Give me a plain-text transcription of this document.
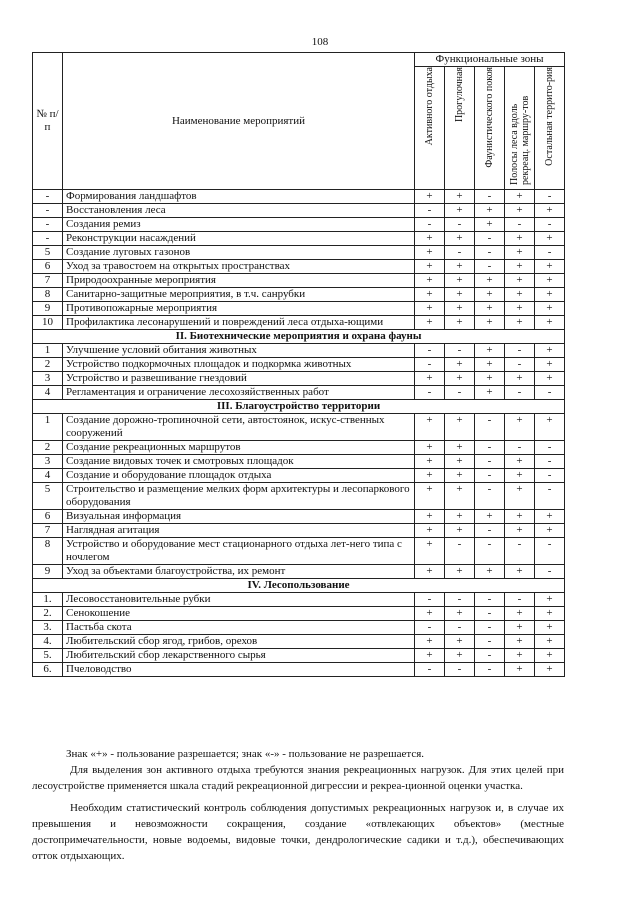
108
№ п/п	Наименование мероприятий	Функциональные зоны				
		Активного отдыха	Прогулочная	Фаунистического покоя	Полосы леса вдоль рекреац. маршру-тов	Остальная террито-рия
-	Формирования ландшафтов	+	+	-	+	-
-	Восстановления леса	-	+	+	+	+
-	Создания ремиз	-	-	+	-	-
-	Реконструкции насаждений	+	+	-	+	+
5	Создание луговых газонов	+	-	-	+	-
6	Уход за травостоем на открытых пространствах	+	+	-	+	+
7	Природоохранные мероприятия	+	+	+	+	+
8	Санитарно-защитные мероприятия, в т.ч. санрубки	+	+	+	+	+
9	Противопожарные мероприятия	+	+	+	+	+
10	Профилактика лесонарушений и повреждений леса отдыха-ющими	+	+	+	+	+
II. Биотехнические мероприятия и охрана фауны						
1	Улучшение условий обитания животных	-	-	+	-	+
2	Устройство подкормочных площадок и подкормка животных	-	+	+	-	+
3	Устройство и развешивание гнездовий	+	+	+	+	+
4	Регламентация и ограничение лесохозяйственных работ	-	-	+	-	-
III. Благоустройство территории						
1	Создание дорожно-тропиночной сети, автостоянок, искус-ственных сооружений	+	+	-	+	+
2	Создание рекреационных маршрутов	+	+	-	-	-
3	Создание видовых точек и смотровых площадок	+	+	-	+	-
4	Создание и оборудование площадок отдыха	+	+	-	+	-
5	Строительство и размещение мелких форм архитектуры и лесопаркового оборудования	+	+	-	+	-
6	Визуальная информация	+	+	+	+	+
7	Наглядная агитация	+	+	-	+	+
8	Устройство и оборудование мест стационарного отдыха лет-него типа с ночлегом	+	-	-	-	-
9	Уход за объектами благоустройства, их ремонт	+	+	+	+	-
IV. Лесопользование						
1.	Лесовосстановительные рубки	-	-	-	-	+
2.	Сенокошение	+	+	-	+	+
3.	Пастьба скота	-	-	-	+	+
4.	Любительский сбор ягод, грибов, орехов	+	+	-	+	+
5.	Любительский сбор лекарственного сырья	+	+	-	+	+
6.	Пчеловодство	-	-	-	+	+

Знак «+» - пользование разрешается; знак «-» - пользование не разрешается.

Для выделения зон активного отдыха требуются знания рекреационных нагрузок. Для этих целей при лесоустройстве применяется шкала стадий рекреационной дигрессии и рекреа-ционной оценки участка.

Необходим статистический контроль соблюдения допустимых рекреационных нагрузок и, в случае их превышения и невозможности сокращения, создание «отвлекающих объектов» (местные достопримечательности, новые водоемы, видовые точки, дендрологические садики и т.д.), обеспечивающих отток отдыхающих.
